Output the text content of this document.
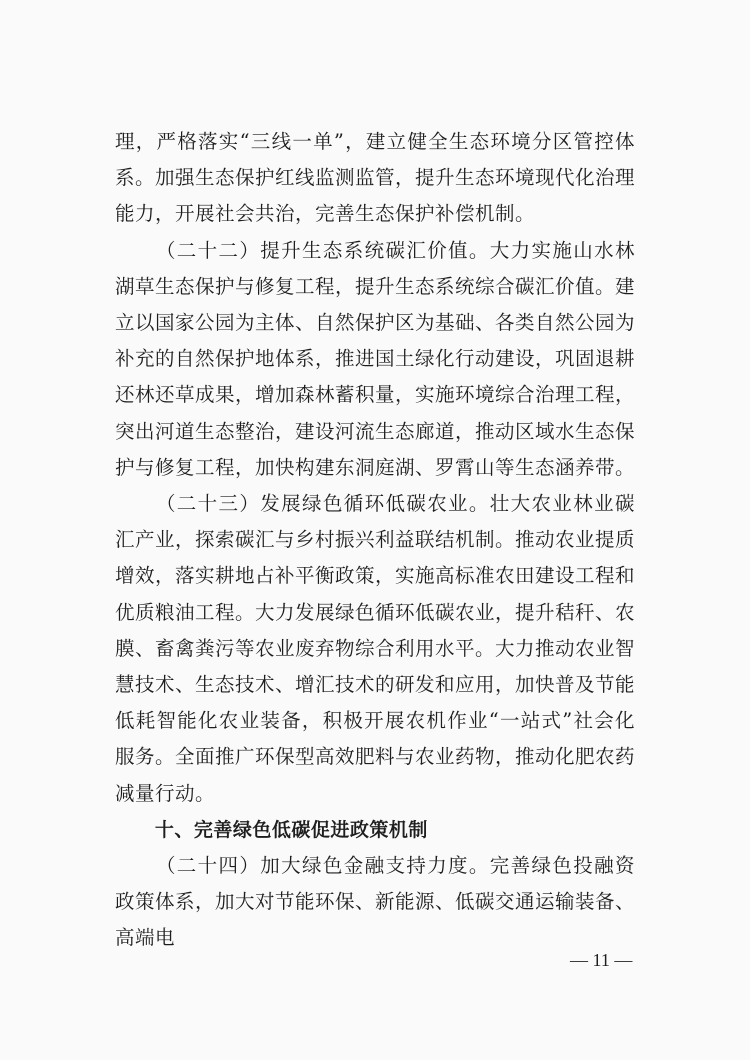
理，严格落实“三线一单”，建立健全生态环境分区管控体系。加强生态保护红线监测监管，提升生态环境现代化治理能力，开展社会共治，完善生态保护补偿机制。

（二十二）提升生态系统碳汇价值。大力实施山水林湖草生态保护与修复工程，提升生态系统综合碳汇价值。建立以国家公园为主体、自然保护区为基础、各类自然公园为补充的自然保护地体系，推进国土绿化行动建设，巩固退耕还林还草成果，增加森林蓄积量，实施环境综合治理工程，突出河道生态整治，建设河流生态廊道，推动区域水生态保护与修复工程，加快构建东洞庭湖、罗霄山等生态涵养带。

（二十三）发展绿色循环低碳农业。壮大农业林业碳汇产业，探索碳汇与乡村振兴利益联结机制。推动农业提质增效，落实耕地占补平衡政策，实施高标准农田建设工程和优质粮油工程。大力发展绿色循环低碳农业，提升秸秆、农膜、畜禽粪污等农业废弃物综合利用水平。大力推动农业智慧技术、生态技术、增汇技术的研发和应用，加快普及节能低耗智能化农业装备，积极开展农机作业“一站式”社会化服务。全面推广环保型高效肥料与农业药物，推动化肥农药减量行动。

十、完善绿色低碳促进政策机制

（二十四）加大绿色金融支持力度。完善绿色投融资政策体系，加大对节能环保、新能源、低碳交通运输装备、高端电

— 11 —
